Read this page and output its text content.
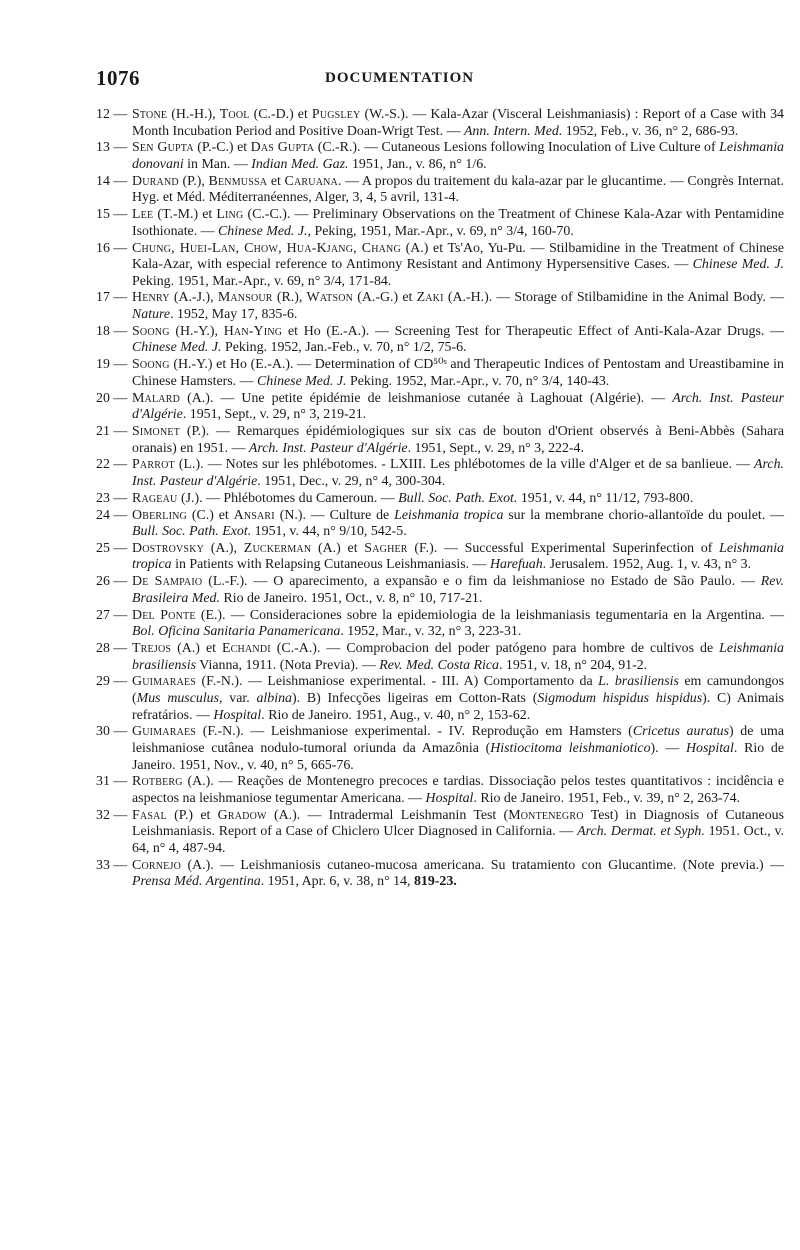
1076	DOCUMENTATION
12 — Stone (H.-H.), Tool (C.-D.) et Pugsley (W.-S.). — Kala-Azar (Visceral Leishmaniasis) : Report of a Case with 34 Month Incubation Period and Positive Doan-Wrigt Test. — Ann. Intern. Med. 1952, Feb., v. 36, n° 2, 686-93.
13 — Sen Gupta (P.-C.) et Das Gupta (C.-R.). — Cutaneous Lesions following Inoculation of Live Culture of Leishmania donovani in Man. — Indian Med. Gaz. 1951, Jan., v. 86, n° 1/6.
14 — Durand (P.), Benmussa et Caruana. — A propos du traitement du kala-azar par le glucantime. — Congrès Internat. Hyg. et Méd. Méditerranéennes, Alger, 3, 4, 5 avril, 131-4.
15 — Lee (T.-M.) et Ling (C.-C.). — Preliminary Observations on the Treatment of Chinese Kala-Azar with Pentamidine Isothionate. — Chinese Med. J., Peking, 1951, Mar.-Apr., v. 69, n° 3/4, 160-70.
16 — Chung, Huei-Lan, Chow, Hua-Kjang, Chang (A.) et Ts'Ao, Yu-Pu. — Stilbamidine in the Treatment of Chinese Kala-Azar, with especial reference to Antimony Resistant and Antimony Hypersensitive Cases. — Chinese Med. J. Peking. 1951, Mar.-Apr., v. 69, n° 3/4, 171-84.
17 — Henry (A.-J.), Mansour (R.), Watson (A.-G.) et Zaki (A.-H.). — Storage of Stilbamidine in the Animal Body. — Nature. 1952, May 17, 835-6.
18 — Soong (H.-Y.), Han-Ying et Ho (E.-A.). — Screening Test for Therapeutic Effect of Anti-Kala-Azar Drugs. — Chinese Med. J. Peking. 1952, Jan.-Feb., v. 70, n° 1/2, 75-6.
19 — Soong (H.-Y.) et Ho (E.-A.). — Determination of CD⁵⁰ˢ and Therapeutic Indices of Pentostam and Ureastibamine in Chinese Hamsters. — Chinese Med. J. Peking. 1952, Mar.-Apr., v. 70, n° 3/4, 140-43.
20 — Malard (A.). — Une petite épidémie de leishmaniose cutanée à Laghouat (Algérie). — Arch. Inst. Pasteur d'Algérie. 1951, Sept., v. 29, n° 3, 219-21.
21 — Simonet (P.). — Remarques épidémiologiques sur six cas de bouton d'Orient observés à Beni-Abbès (Sahara oranais) en 1951. — Arch. Inst. Pasteur d'Algérie. 1951, Sept., v. 29, n° 3, 222-4.
22 — Parrot (L.). — Notes sur les phlébotomes. - LXIII. Les phlébotomes de la ville d'Alger et de sa banlieue. — Arch. Inst. Pasteur d'Algérie. 1951, Dec., v. 29, n° 4, 300-304.
23 — Rageau (J.). — Phlébotomes du Cameroun. — Bull. Soc. Path. Exot. 1951, v. 44, n° 11/12, 793-800.
24 — Oberling (C.) et Ansari (N.). — Culture de Leishmania tropica sur la membrane chorio-allantoïde du poulet. — Bull. Soc. Path. Exot. 1951, v. 44, n° 9/10, 542-5.
25 — Dostrovsky (A.), Zuckerman (A.) et Sagher (F.). — Successful Experimental Superinfection of Leishmania tropica in Patients with Relapsing Cutaneous Leishmaniasis. — Harefuah. Jerusalem. 1952, Aug. 1, v. 43, n° 3.
26 — De Sampaio (L.-F.). — O aparecimento, a expansão e o fim da leishmaniose no Estado de São Paulo. — Rev. Brasileira Med. Rio de Janeiro. 1951, Oct., v. 8, n° 10, 717-21.
27 — Del Ponte (E.). — Consideraciones sobre la epidemiologia de la leishmaniasis tegumentaria en la Argentina. — Bol. Oficina Sanitaria Panamericana. 1952, Mar., v. 32, n° 3, 223-31.
28 — Trejos (A.) et Echandi (C.-A.). — Comprobacion del poder patógeno para hombre de cultivos de Leishmania brasiliensis Vianna, 1911. (Nota Previa). — Rev. Med. Costa Rica. 1951, v. 18, n° 204, 91-2.
29 — Guimaraes (F.-N.). — Leishmaniose experimental. - III. A) Comportamento da L. brasiliensis em camundongos (Mus musculus, var. albina). B) Infecções ligeiras em Cotton-Rats (Sigmodum hispidus hispidus). C) Animais refratários. — Hospital. Rio de Janeiro. 1951, Aug., v. 40, n° 2, 153-62.
30 — Guimaraes (F.-N.). — Leishmaniose experimental. - IV. Reprodução em Hamsters (Cricetus auratus) de uma leishmaniose cutânea nodulo-tumoral oriunda da Amazônia (Histiocitoma leishmaniotico). — Hospital. Rio de Janeiro. 1951, Nov., v. 40, n° 5, 665-76.
31 — Rotberg (A.). — Reações de Montenegro precoces e tardias. Dissociação pelos testes quantitativos : incidência e aspectos na leishmaniose tegumentar Americana. — Hospital. Rio de Janeiro. 1951, Feb., v. 39, n° 2, 263-74.
32 — Fasal (P.) et Gradow (A.). — Intradermal Leishmanin Test (Montenegro Test) in Diagnosis of Cutaneous Leishmaniasis. Report of a Case of Chiclero Ulcer Diagnosed in California. — Arch. Dermat. et Syph. 1951. Oct., v. 64, n° 4, 487-94.
33 — Cornejo (A.). — Leishmaniosis cutaneo-mucosa americana. Su tratamiento con Glucantime. (Note previa.) — Prensa Méd. Argentina. 1951, Apr. 6, v. 38, n° 14, 819-23.
